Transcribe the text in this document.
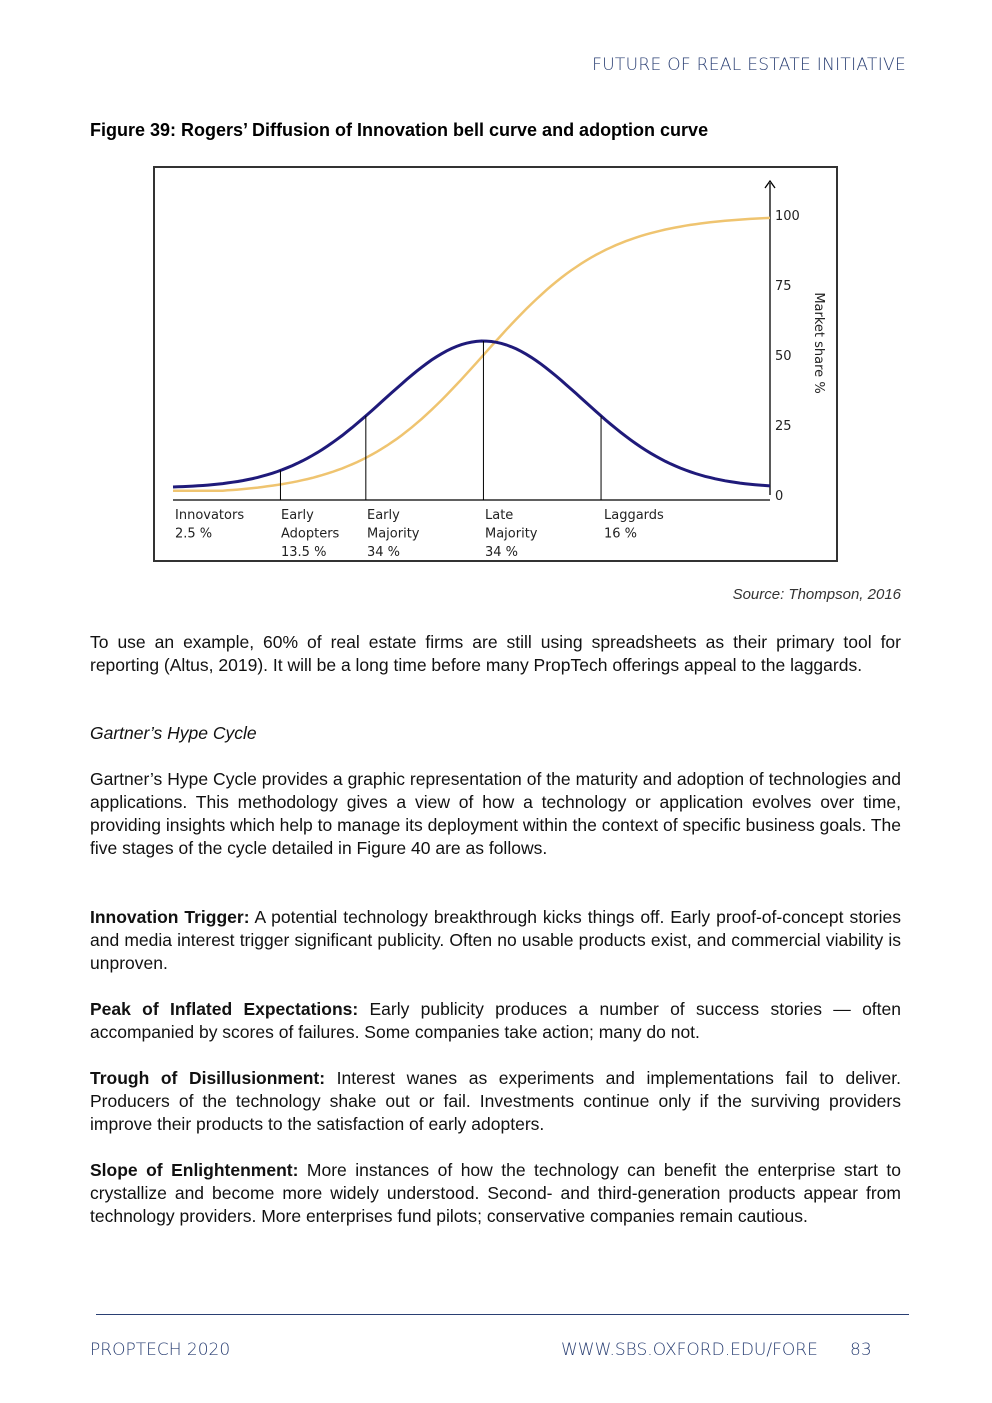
FUTURE OF REAL ESTATE INITIATIVE
Figure 39: Rogers’ Diffusion of Innovation bell curve and adoption curve
0
25
50
75
100
Market share %
Innovators
2.5 %
Early
Adopters
13.5 %
Early
Majority
34 %
Late
Majority
34 %
Laggards
16 %
Source: Thompson, 2016

To use an example, 60% of real estate firms are still using spreadsheets as their primary tool for reporting (Altus, 2019). It will be a long time before many PropTech offerings appeal to the laggards.

Gartner’s Hype Cycle

Gartner’s Hype Cycle provides a graphic representation of the maturity and adoption of technologies and applications. This methodology gives a view of how a technology or application evolves over time, providing insights which help to manage its deployment within the context of specific business goals. The five stages of the cycle detailed in Figure 40 are as follows.

Innovation Trigger: A potential technology breakthrough kicks things off. Early proof-of-concept stories and media interest trigger significant publicity. Often no usable products exist, and commercial viability is unproven.

Peak of Inflated Expectations: Early publicity produces a number of success stories — often accompanied by scores of failures. Some companies take action; many do not.

Trough of Disillusionment: Interest wanes as experiments and implementations fail to deliver. Producers of the technology shake out or fail. Investments continue only if the surviving providers improve their products to the satisfaction of early adopters.

Slope of Enlightenment: More instances of how the technology can benefit the enterprise start to crystallize and become more widely understood. Second- and third-generation products appear from technology providers. More enterprises fund pilots; conservative companies remain cautious.

PROPTECH 2020	WWW.SBS.OXFORD.EDU/FORE 83
